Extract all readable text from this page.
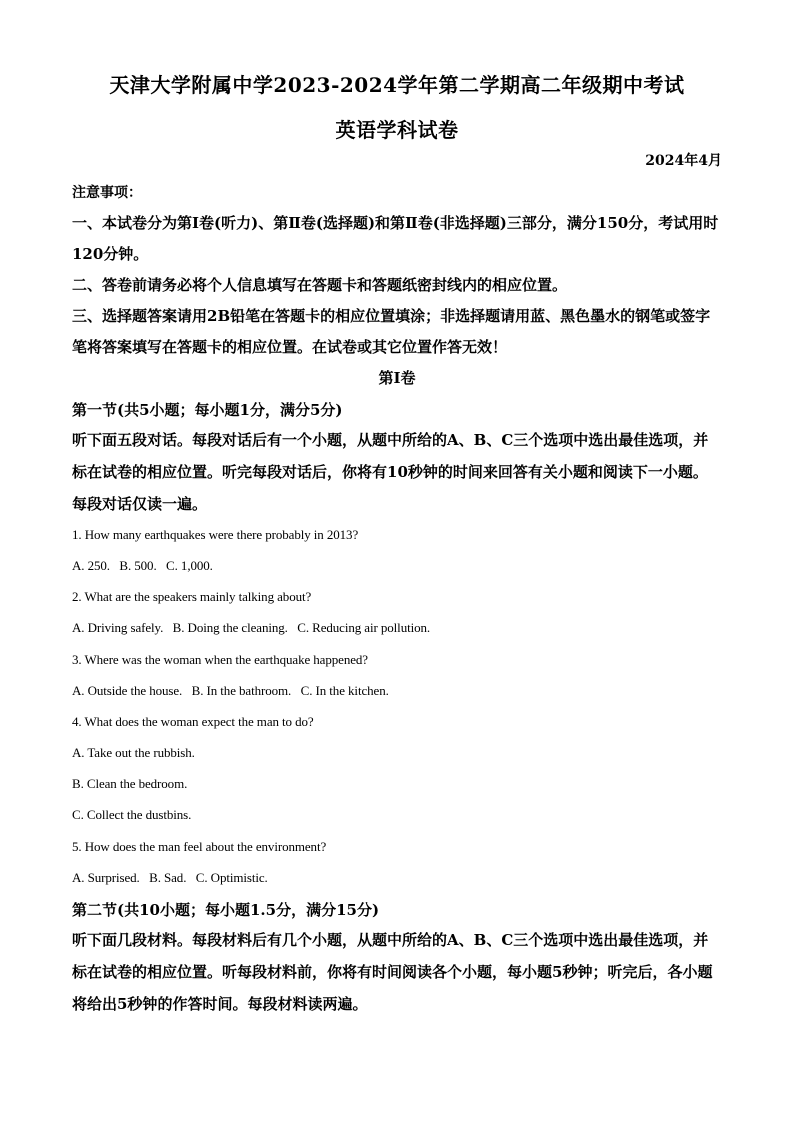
天津大学附属中学2023-2024学年第二学期高二年级期中考试
英语学科试卷
2024年4月
注意事项：

一、本试卷分为第Ⅰ卷(听力)、第Ⅱ卷(选择题)和第Ⅱ卷(非选择题)三部分，满分150分，考试用时120分钟。

二、答卷前请务必将个人信息填写在答题卡和答题纸密封线内的相应位置。

三、选择题答案请用2B铅笔在答题卡的相应位置填涂；非选择题请用蓝、黑色墨水的钢笔或签字笔将答案填写在答题卡的相应位置。在试卷或其它位置作答无效！

第Ⅰ卷
第一节(共5小题；每小题1分，满分5分)
听下面五段对话。每段对话后有一个小题，从题中所给的A、B、C三个选项中选出最佳选项，并标在试卷的相应位置。听完每段对话后，你将有10秒钟的时间来回答有关小题和阅读下一小题。每段对话仅读一遍。
1. How many earthquakes were there probably in 2013?
A. 250.   B. 500.   C. 1,000.
2. What are the speakers mainly talking about?
A. Driving safely.   B. Doing the cleaning.   C. Reducing air pollution.
3. Where was the woman when the earthquake happened?
A. Outside the house.   B. In the bathroom.   C. In the kitchen.
4. What does the woman expect the man to do?
A. Take out the rubbish.
B. Clean the bedroom.
C. Collect the dustbins.
5. How does the man feel about the environment?
A. Surprised.   B. Sad.   C. Optimistic.
第二节(共10小题；每小题1.5分，满分15分)
听下面几段材料。每段材料后有几个小题，从题中所给的A、B、C三个选项中选出最佳选项，并标在试卷的相应位置。听每段材料前，你将有时间阅读各个小题，每小题5秒钟；听完后，各小题将给出5秒钟的作答时间。每段材料读两遍。
